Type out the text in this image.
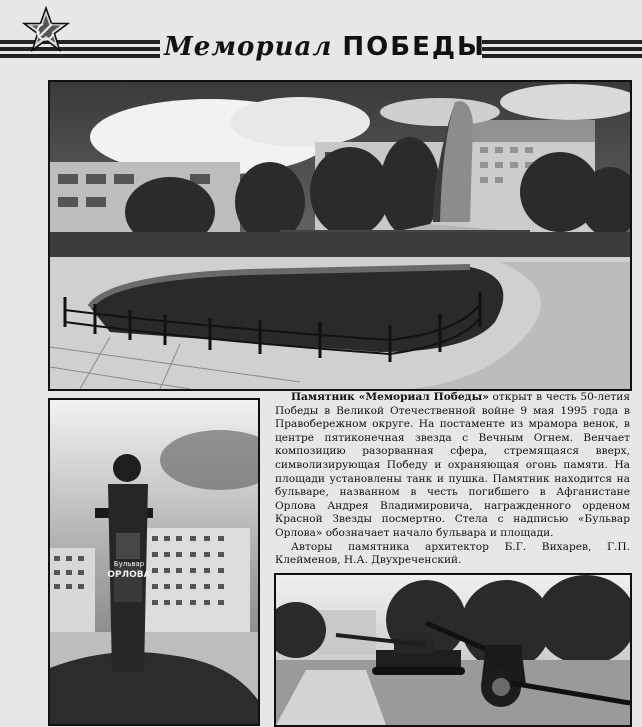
Мемориал ПОБЕДЫ
Бульвар
ОРЛОВА

Памятник «Мемориал Победы» открыт в честь 50-летия Победы в Великой Отечественной войне 9 мая 1995 года в Правобережном округе. На постаменте из мрамора венок, в центре пятиконечная звезда с Вечным Огнем. Венчает композицию разорванная сфера, стремящаяся вверх, символизирующая Победу и охраняющая огонь памяти. На площади установлены танк и пушка. Памятник находится на бульваре, названном в честь погибшего в Афганистане Орлова Андрея Владимировича, награжденного орденом Красной Звезды посмертно. Стела с надписью «Бульвар Орлова» обозначает начало бульвара и площади.

Авторы памятника архитектор Б.Г. Вихарев, Г.П. Клейменов, Н.А. Двухреченский.
